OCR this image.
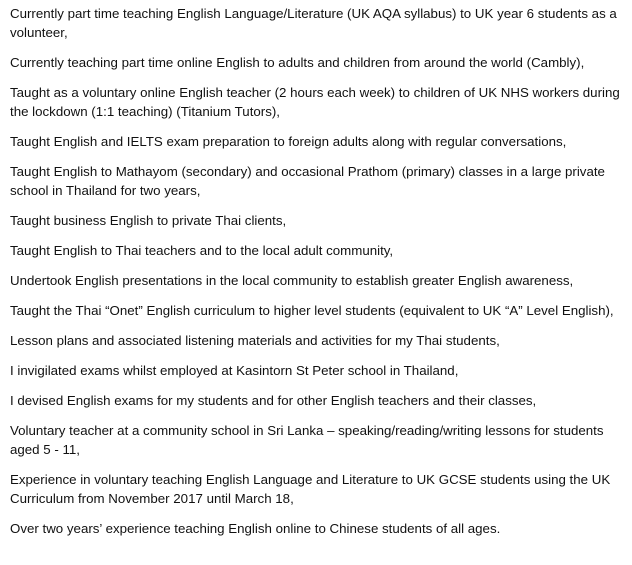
Currently part time teaching English Language/Literature (UK AQA syllabus) to UK year 6 students as a volunteer,

Currently teaching part time online English to adults and children from around the world (Cambly),

Taught as a voluntary online English teacher (2 hours each week) to children of UK NHS workers during the lockdown (1:1 teaching) (Titanium Tutors),

Taught English and IELTS exam preparation to foreign adults along with regular conversations,

Taught English to Mathayom (secondary) and occasional Prathom (primary) classes in a large private school in Thailand for two years,

Taught business English to private Thai clients,

Taught English to Thai teachers and to the local adult community,

Undertook English presentations in the local community to establish greater English awareness,

Taught the Thai “Onet” English curriculum to higher level students (equivalent to UK “A” Level English),

Lesson plans and associated listening materials and activities for my Thai students,

I invigilated exams whilst employed at Kasintorn St Peter school in Thailand,

I devised English exams for my students and for other English teachers and their classes,

Voluntary teacher at a community school in Sri Lanka – speaking/reading/writing lessons for students aged 5 - 11,

Experience in voluntary teaching English Language and Literature to UK GCSE students using the UK Curriculum from November 2017 until March 18,

Over two years’ experience teaching English online to Chinese students of all ages.
